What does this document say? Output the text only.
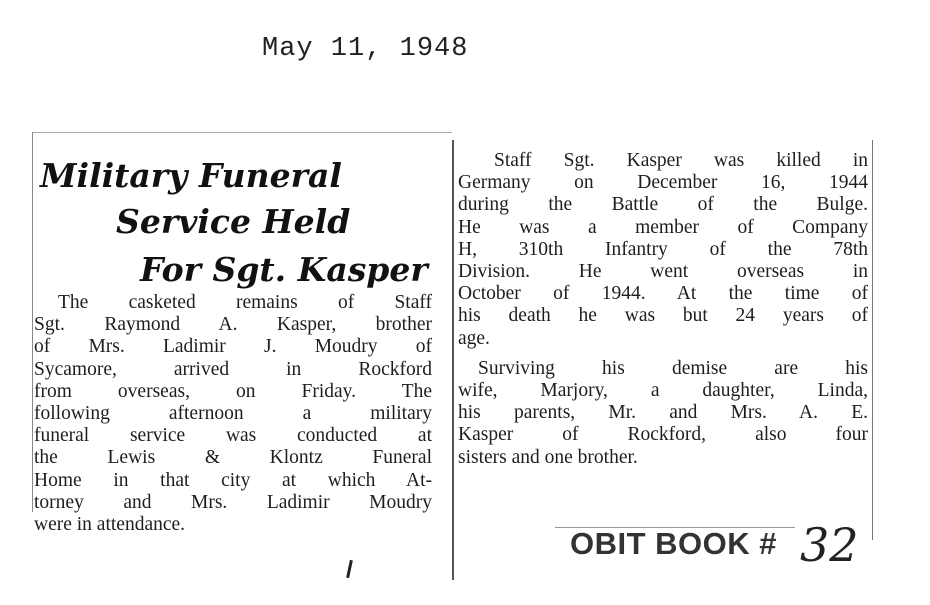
May 11, 1948
Military Funeral
Service Held
For Sgt. Kasper
The casketed remains of Staff
Sgt. Raymond A. Kasper, brother
of Mrs. Ladimir J. Moudry of
Sycamore, arrived in Rockford
from overseas, on Friday. The
following afternoon a military
funeral service was conducted at
the Lewis & Klontz Funeral
Home in that city at which At-
torney and Mrs. Ladimir Moudry
were in attendance.
Staff Sgt. Kasper was killed in
Germany on December 16, 1944
during the Battle of the Bulge.
He was a member of Company
H, 310th Infantry of the 78th
Division. He went overseas in
October of 1944. At the time of
his death he was but 24 years of
age.
Surviving his demise are his
wife, Marjory, a daughter, Linda,
his parents, Mr. and Mrs. A. E.
Kasper of Rockford, also four
sisters and one brother.
OBIT BOOK # 32
